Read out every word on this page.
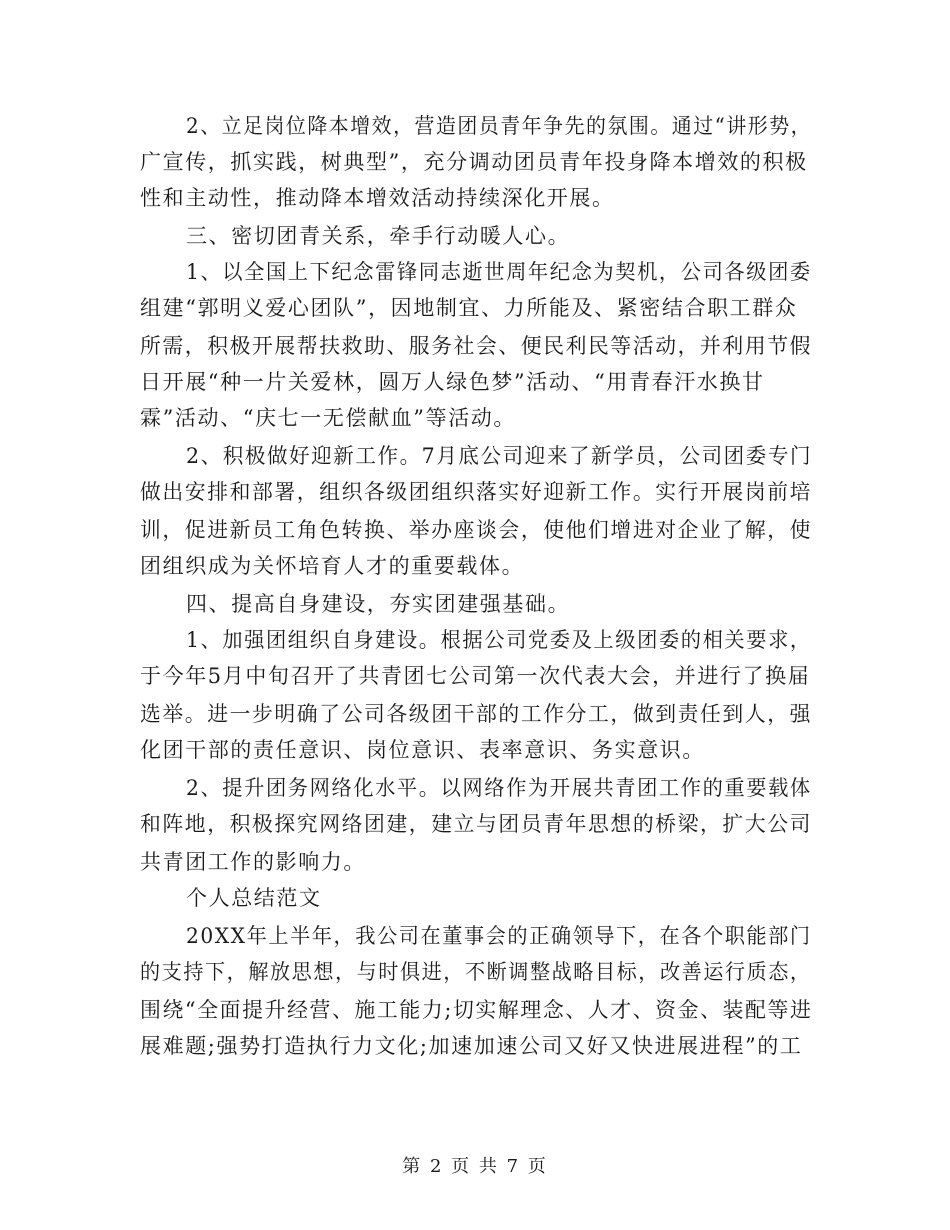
2、立足岗位降本增效，营造团员青年争先的氛围。通过“讲形势，
广宣传，抓实践，树典型”，充分调动团员青年投身降本增效的积极
性和主动性，推动降本增效活动持续深化开展。
三、密切团青关系，牵手行动暖人心。
1、以全国上下纪念雷锋同志逝世周年纪念为契机，公司各级团委
组建“郭明义爱心团队”，因地制宜、力所能及、紧密结合职工群众
所需，积极开展帮扶救助、服务社会、便民利民等活动，并利用节假
日开展“种一片关爱林，圆万人绿色梦”活动、“用青春汗水换甘
霖”活动、“庆七一无偿献血”等活动。
2、积极做好迎新工作。7月底公司迎来了新学员，公司团委专门
做出安排和部署，组织各级团组织落实好迎新工作。实行开展岗前培
训，促进新员工角色转换、举办座谈会，使他们增进对企业了解，使
团组织成为关怀培育人才的重要载体。
四、提高自身建设，夯实团建强基础。
1、加强团组织自身建设。根据公司党委及上级团委的相关要求，
于今年5月中旬召开了共青团七公司第一次代表大会，并进行了换届
选举。进一步明确了公司各级团干部的工作分工，做到责任到人，强
化团干部的责任意识、岗位意识、表率意识、务实意识。
2、提升团务网络化水平。以网络作为开展共青团工作的重要载体
和阵地，积极探究网络团建，建立与团员青年思想的桥梁，扩大公司
共青团工作的影响力。
个人总结范文
20XX年上半年，我公司在董事会的正确领导下，在各个职能部门
的支持下，解放思想，与时俱进，不断调整战略目标，改善运行质态，
围绕“全面提升经营、施工能力;切实解理念、人才、资金、装配等进
展难题;强势打造执行力文化;加速加速公司又好又快进展进程”的工
第 2 页 共 7 页
